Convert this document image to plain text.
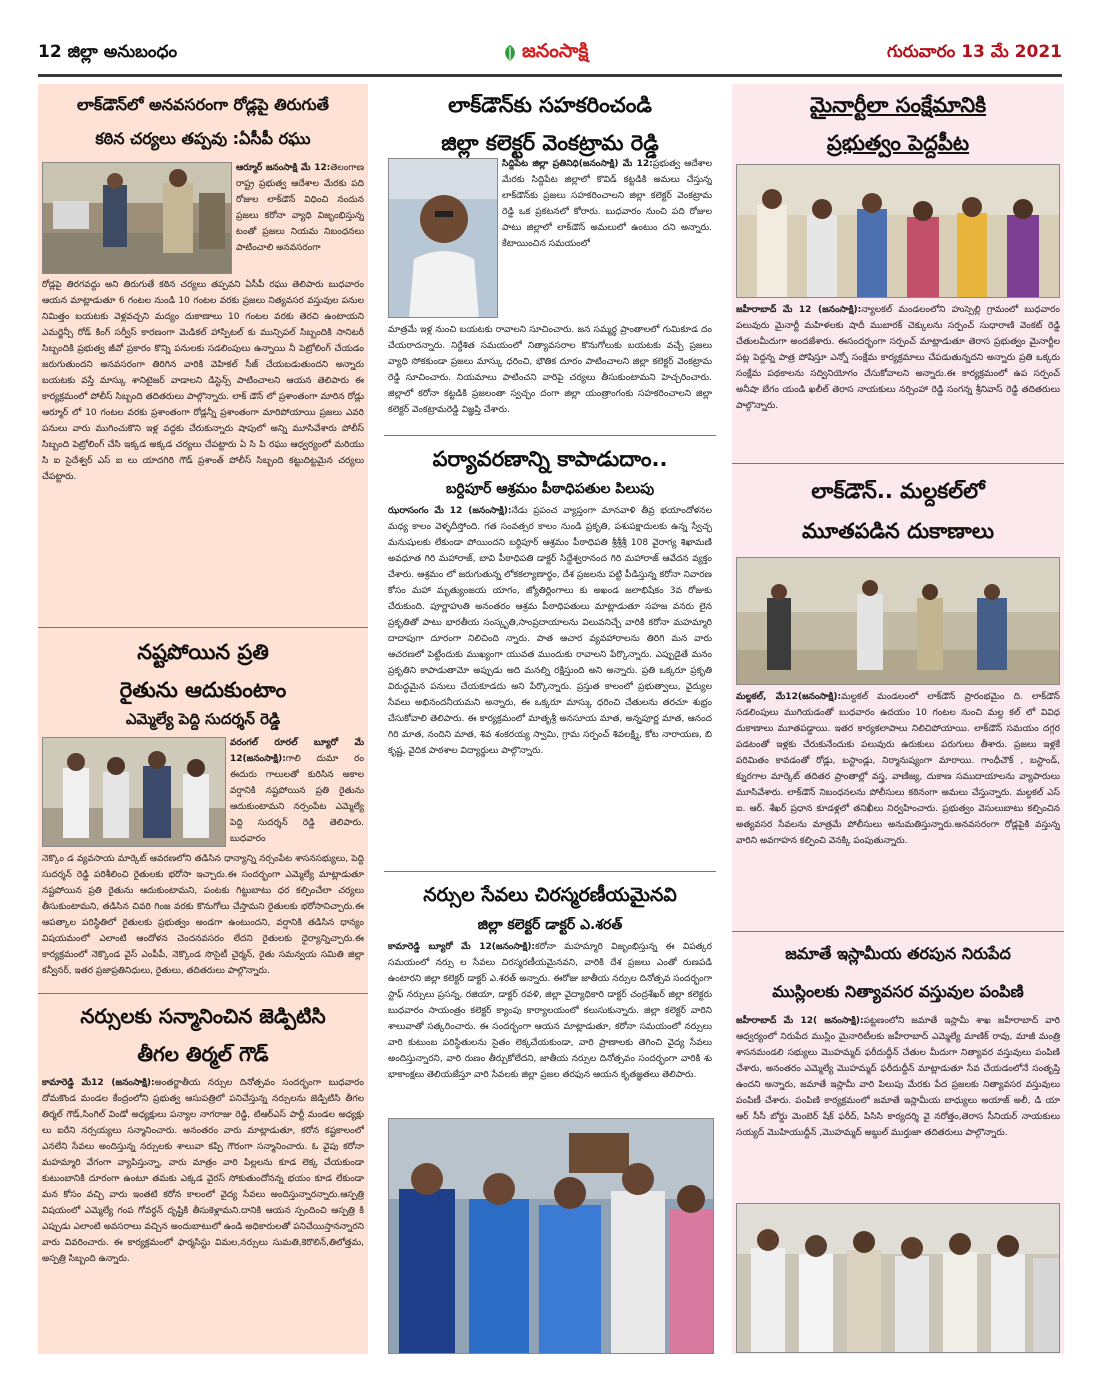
12 జిల్లా అనుబంధం	జనంసాక్షి	గురువారం 13 మే 2021
లాక్‌డౌన్‌లో అనవసరంగా రోడ్లపై తిరుగుతే
కఠిన చర్యలు తప్పవు :ఏసీపీ రఘు
ఆర్మూర్ జనంసాక్షి మే 12:తెలంగాణ రాష్ట్ర ప్రభుత్వ ఆదేశాల మేరకు పది రోజుల లాక్‌డౌన్ విధించి నందున ప్రజలు కరోనా వ్యాధి విజృంభిస్తున్న టంతో ప్రజలు నియమ నిబంధనలు పాటించాలి అనవసరంగా
రోడ్లపై తిరగవద్దు అని తిరుగుతే కఠిన చర్యలు తప్పవని ఏసీపీ రఘు తెలిపారు బుధవారం ఆయన మాట్లాడుతూ 6 గంటల నుండి 10 గంటల వరకు ప్రజలు నిత్యవసర వస్తువుల పనుల నిమిత్తం బయటకు వెళ్లవచ్చని మద్యం దుకాణాలు 10 గంటల వరకు తెరచి ఉంటాయని ఎమర్జెన్సీ రోడ్ కింగ్ సర్వీస్ కారణంగా మెడికల్ హాస్పిటల్ కు మున్సిపల్ సిబ్బందికి సానిటరీ సిబ్బందికి ప్రభుత్వ జీవో ప్రకారం కొన్ని పనులకు సడలింపులు ఉన్నాయి నీ పెట్రోలింగ్ చేయడం జరుగుతుందని అనవసరంగా తిరిగిన వారికి వెహికల్ సీజ్ చేయబడుతుందని అన్నారు బయటకు వస్తే మాస్కు శానిటైజర్ వాడాలని డిస్టెన్స్ పాటించాలని ఆయన తెలిపారు ఈ కార్యక్రమంలో పోలీస్ సిబ్బంది తదితరులు పాల్గొన్నారు. లాక్ డౌన్ లో ప్రశాంతంగా మారిన రోడ్లు ఆర్మూర్ లో 10 గంటల వరకు ప్రశాంతంగా రోడ్లన్నీ ప్రశాంతంగా మారిపోయాయి ప్రజలు ఎవరి పనులు వారు ముగించుకొని ఇళ్ల వద్దకు చేరుకున్నారు షాపులో అన్ని మూసివేశారు పోలీస్ సిబ్బంది పెట్రోలింగ్ చేసి ఇక్కడ అక్కడ చర్యలు చేపట్టారు ఏ సి పి రఘు ఆధ్వర్యంలో మరియు సి ఐ సైదేశ్వర్ ఎస్ ఐ లు యాదగిరి గౌడ్ ప్రశాంత్ పోలీస్ సిబ్బంది కట్టుదిట్టమైన చర్యలు చేపట్టారు.
నష్టపోయిన ప్రతి
రైతును ఆదుకుంటాం
ఎమ్మెల్యే పెద్ది సుదర్శన్ రెడ్డి
వరంగల్ రూరల్ బ్యూరో మే 12(జనంసాక్షి):గాలి దుమా రం ఈదురు గాలులతో కురిసిన అకాల వర్షానికి నష్టపోయిన ప్రతి రైతును ఆదుకుంటామని నర్సంపేట ఎమ్మెల్యే పెద్ది సుదర్శన్ రెడ్డి తెలిపారు. బుధవారం
నెక్కొం డ వ్యవసాయ మార్కెట్ ఆవరణలోని తడిసిన ధాన్యాన్ని నర్సంపేట శాసనసభ్యులు, పెద్ది సుదర్శన్ రెడ్డి పరిశీలించి రైతులకు భరోసా ఇచ్చారు.ఈ సందర్భంగా ఎమ్మెల్యే మాట్లాడుతూ నష్టపోయిన ప్రతి రైతును ఆదుకుంటామని, పంటకు గిట్టుబాటు ధర కల్పించేలా చర్యలు తీసుకుంటామని, తడిసిన చివరి గింజ వరకు కొనుగోలు చేస్తామని రైతులకు భరోసానిచ్చారు.ఈ ఆపత్కాల పరిస్థితిలో రైతులకు ప్రభుత్వం అండగా ఉంటుందని, వర్షానికి తడిసిన ధాన్యం విషయమంలో ఎలాంటి ఆందోళన చెందనవసరం లేదని రైతులకు ధైర్యాన్నిచ్చారు.ఈ కార్యక్రమంలో నెక్కొండ వైస్ ఎంపీపీ, నెక్కొండ సొసైటీ చైర్మన్, రైతు సమన్వయ సమితి జిల్లా కన్వీనర్, ఇతర ప్రజాప్రతినిధులు, రైతులు, తదితరులు పాల్గొన్నారు.
నర్సులకు సన్మానించిన జెడ్పిటిసి
తీగల తిర్మల్ గౌడ్
కామారెడ్డి మే12 (జనంసాక్షి):అంతర్జాతీయ నర్సుల దినోత్సవం సందర్భంగా బుధవారం దోమకొండ మండల కేంద్రంలోని ప్రభుత్వ ఆసుపత్రిలో పనిచేస్తున్న నర్సులను జెడ్పిటిసి తీగల తిర్మల్ గౌడ్,సింగిల్ విండో అధ్యక్షులు పన్యాల నాగరాజు రెడ్డి, టిఆర్ఎస్ పార్టీ మండల అధ్యక్షు లు ఐరేని నర్సయ్యలు సన్మానించారు. అనంతరం వారు మాట్లాడుతూ, కరోన కష్టకాలంలో ఎనలేని సేవలు అందిస్తున్న నర్సులకు శాలువా కప్పి గౌరంగా సన్మానించారు. ఓ వైపు కరోనా మహమ్మారి వేగంగా వ్యాపిస్తున్నా, వారు మాత్రం వారి పిల్లలను కూడ లెక్క చేయకుండా కుటుంబానికి దూరంగా ఉంటూ తమకు ఎక్కడ వైరస్ సోకుతుందోనన్న భయం కూడ లేకుండా మన కోసం వచ్చి వారు ఇంతటి కరోన కాలంలో వైద్య సేవలు అందిస్తున్నారన్నారు.ఆస్పత్రి విషయంలో ఎమ్మెల్యే గంప గోవర్ధన్ దృష్టికి తీసుకెళ్లామని.దానికి ఆయన స్పందించి ఆస్పత్రి కి ఎప్పుడు ఎలాంటి అవసరాలు వచ్చిన అందుబాటులో ఉండి అధికారులతో పనిచేయిస్తానన్నారని వారు వివరించారు. ఈ కార్యక్రమంలో ఫార్మసిస్టు విమల,నర్సులు సుమతి,కెరొలిన్,తిలోత్తమ, అస్పత్రి సిబ్బంది ఉన్నారు.
లాక్‌డౌన్‌కు సహకరించండి
జిల్లా కలెక్టర్ వెంకట్రామ రెడ్డి
సిద్దిపేట జిల్లా ప్రతినిధి(జనంసాక్షి) మే 12:ప్రభుత్వ ఆదేశాల మేరకు సిద్దిపేట జిల్లాలో కొవిడ్ కట్టడికి అమలు చేస్తున్న లాక్‌డౌన్‌కు ప్రజలు సహకరించాలని జిల్లా కలెక్టర్ వెంకట్రామ రెడ్డి ఒక ప్రకటనలో కోరారు. బుధవారం నుంచి పది రోజుల పాటు జిల్లాలో లాక్‌డౌన్ అమలులో ఉంటుం దని అన్నారు. కేటాయించిన సమయంలో
మాత్రమే ఇళ్ల నుంచి బయటకు రావాలని సూచించారు. జన సమ్మర్థ ప్రాంతాలలో గుమికూడ దం చేయరాదన్నారు. నిర్దేశిత సమయంలో నిత్యావసరాల కొనుగోలుకు బయటకు వచ్చే ప్రజలు వ్యాధి సోకకుండా ప్రజలు మాస్కు ధరించి, భౌతిక దూరం పాటించాలని జిల్లా కలెక్టర్ వెంకట్రామ రెడ్డి సూచించారు. నియమాలు పాటించని వారిపై చర్యలు తీసుకుంటామని హెచ్చరించారు. జిల్లాలో కరోనా కట్టడికి ప్రజలంతా స్వచ్ఛం దంగా జిల్లా యంత్రాంగంకు సహకరించాలని జిల్లా కలెక్టర్ వెంకట్రామరెడ్డి విజ్ఞప్తి చేశారు.
పర్యావరణాన్ని కాపాడుదాం..
బర్దిపూర్ ఆశ్రమం పీఠాధిపతుల పిలుపు
ఝరాసంగం మే 12 (జనంసాక్షి):నేడు ప్రపంచ వ్యాప్తంగా మానవాళి తీవ్ర భయాందోళనల మధ్య కాలం వెళ్ళదీస్తోంది. గత సంవత్సర కాలం నుండి ప్రకృతి, పశుపక్షాదులకు ఉన్న స్వేచ్ఛ మనుషులకు లేకుండా పోయిందని బర్దిపూర్ ఆశ్రమం పీఠాధిపతి శ్రీశ్రీశ్రీ 108 వైరాగ్య శిఖామణి అవధూత గిరి మహారాజ్, బావి పీఠాధిపతి డాక్టర్ సిద్దేశ్వరానంద గిరి మహారాజ్ ఆవేదన వ్యక్తం చేశారు. ఆశ్రమం లో జరుగుతున్న లోకకల్యాణార్థం, దేశ ప్రజలను పట్టి పీడిస్తున్న కరోనా నివారణ కోసం మహా మృత్యుంజయ యాగం, జ్యోతిర్లింగాలు కు అఖండ జలాభిషేకం 3వ రోజుకు చేరుకుంది. పూర్ణాహుతి అనంతరం ఆశ్రమ పీఠాధిపతులు మాట్లాడుతూ సహజ వనరు లైన ప్రకృతితో పాటు భారతీయ సంస్కృతి,సాంప్రదాయాలను విలువనిచ్చే వారికి కరోనా మహమ్మారి దాదాపుగా దూరంగా నిలిచింది న్నారు. పాత ఆచార వ్యవహారాలను తిరిగి మన వారు ఆచరణలో పెట్టేందుకు ముఖ్యంగా యువత ముందుకు రావాలని పేర్కొన్నారు. ఎప్పుడైతే మనం ప్రకృతిని కాపాడుతామో అప్పుడు అది మనల్ని రక్షిస్తుంది అని అన్నారు. ప్రతి ఒక్కరూ ప్రకృతి విరుద్ధమైన పనులు చేయకూడదు అని పేర్కొన్నారు. ప్రస్తుత కాలంలో ప్రభుత్వాలు, వైద్యుల సేవలు అభినందనీయమని అన్నారు, ఈ ఒక్కరూ మాస్కు ధరించి చేతులను తరచూ శుభ్రం చేసుకోవాలి తెలిపారు. ఈ కార్యక్రమంలో మాతృశ్రీ అనసూయ మాత, అన్నపూర్ణ మాత, ఆనంద గిరి మాత, నందిని మాత, శివ శంకరయ్య స్వామి, గ్రామ సర్పంచ్ శివలక్ష్మి, కోట నారాయణ, బి కృష్ణ, వైదిక పాఠశాల విద్యార్థులు పాల్గొన్నారు.
నర్సుల సేవలు చిరస్మరణీయమైనవి
జిల్లా కలెక్టర్ డాక్టర్ ఎ.శరత్
కామారెడ్డి బ్యూరో మే 12(జనంసాక్షి):కరోనా మహమ్మారి విజృంభిస్తున్న ఈ విపత్కర సమయంలో నర్సు ల సేవలు చిరస్మరణీయమైనవని, వారికి దేశ ప్రజలు ఎంతో రుణపడి ఉంటారని జిల్లా కలెక్టర్ డాక్టర్ ఎ.శరత్ అన్నారు. ఈరోజు జాతీయ నర్సుల దినోత్సవ సందర్భంగా స్టాఫ్ నర్సులు ప్రసన్న, రజియా, డాక్టర్ రవళి, జిల్లా వైద్యాధికారి డాక్టర్ చంద్రశేఖర్ జిల్లా కలెక్టరు బుధవారం సాయంత్రం కలెక్టర్ క్యాంపు కార్యాలయంలో కలుసుకున్నారు. జిల్లా కలెక్టర్ వారిని శాలువాతో సత్కరించారు. ఈ సందర్భంగా ఆయన మాట్లాడుతూ, కరోనా సమయంలో నర్సులు వారి కుటుంబ పరిస్థితులను సైతం లెక్కచేయకుండా, వారి ప్రాణాలకు తెగించి వైద్య సేవలు అందిస్తున్నారని, వారి రుణం తీర్చుకోలేదని, జాతీయ నర్సుల దినోత్సవం సందర్భంగా వారికి శు భాకాంక్షలు తెలియజేస్తూ వారి సేవలకు జిల్లా ప్రజల తరఫున ఆయన కృతజ్ఞతలు తెలిపారు.
మైనార్టీలా సంక్షేమానికి
ప్రభుత్వం పెద్దపీట
జహీరాబాద్ మే 12 (జనంసాక్షి):న్యాలకల్ మండలంలోని హుస్సెల్లి గ్రామంలో బుధవారం పలువురు మైనార్టీ మహిళలకు షాదీ ముబారక్ చెక్కులను సర్పంచ్ సుధారాణి వెంకట్ రెడ్డి చేతులమీదుగా అందజేశారు. ఈసందర్భంగా సర్పంచ్ మాట్లాడుతూ తెరాస ప్రభుత్వం మైనార్టీల పట్ల పెద్దన్న పాత్ర పోషిస్తూ ఎన్నో సంక్షేమ కార్యక్రమాలు చేపడుతున్నదని అన్నారు ప్రతి ఒక్కరు సంక్షేమ పథకాలను సద్వినియోగం చేసుకోవాలని అన్నారు.ఈ కార్యక్రమంలో ఉప సర్పంచ్ అనీషా బేగం యండి ఖలీల్ తెరాస నాయకులు నర్సింహా రెడ్డి సంగన్న శ్రీనివాస్ రెడ్డి తదితరులు పాల్గొన్నారు.
లాక్‌డౌన్.. మల్దకల్‌లో
మూతపడిన దుకాణాలు
మల్దకల్, మే12(జనంసాక్షి):మల్దకల్ మండలంలో లాక్‌డౌన్ ప్రారంభమైం ది. లాక్‌డౌన్ సడలింపులు ముగియడంతో బుధవారం ఉదయం 10 గంటల నుంచి మల్ద కల్ లో వివిధ దుకాణాలు మూతపడ్డాయి. ఇతర కార్యకలాపాలు నిలిచిపోయాయి. లాక్‌డౌన్ సమయం దగ్గర పడటంతో ఇళ్లకు చేరుకునేందుకు పలువురు ఉరుకులు పరుగులు తీశారు. ప్రజలు ఇళ్లకే పరిమితం కావడంతో రోడ్లు, బస్టాండ్లు, నిర్మానుష్యంగా మారాయి. గాంధీచౌక్ , బస్టాండ్, క్నురగాల మార్కెట్ తదితర ప్రాంతాల్లో వస్త్ర, వాణిజ్య, దుకాణ సముదాయాలను వ్యాపారులు మూసివేశారు. లాక్‌డౌన్ నిబంధనలను పోలీసులు కఠినంగా అమలు చేస్తున్నారు. మల్దకల్ ఎస్ ఐ. ఆర్. శేఖర్ ప్రధాన కూడళ్లలో తనిఖీలు నిర్వహించారు. ప్రభుత్వం వెసులుబాటు కల్పించిన అత్యవసర సేవలను మాత్రమే పోలీసులు అనుమతిస్తున్నారు.అనవసరంగా రోడ్లపైకి వస్తున్న వారిని అవగాహన కల్పించి వెనక్కి పంపుతున్నారు.
జమాతే ఇస్లామీయ తరపున నిరుపేద
ముస్లింలకు నిత్యావసర వస్తువుల పంపిణి
జహీరాబాద్ మే 12( జనంసాక్షి):పట్టణంలోని జమాతే ఇస్లామీ శాఖ జహీరాబాద్ వారి ఆధ్వర్యంలో నిరుపేద ముస్లిం మైనారిటీలకు జహీరాబాద్ ఎమ్మెల్యే మాణిక్ రావు, మాజీ మంత్రి శాసనమండలి సభ్యులు మొహమ్మద్ ఫరీదుద్దీన్ చేతుల మీదుగా నిత్యావర వస్తువులు పంపిణి చేశారు, అనంతరం ఎమ్మెల్యే మొహమ్మద్ ఫరీదుద్దీన్ మాట్లాడుతూ సేవ చేయడంలోనే సంతృప్తి ఉందని అన్నారు, జమాతే ఇస్లామీ వారి పిలుపు మేరకు పేద ప్రజలకు నిత్యావసర వస్తువులు పంపిణీ చేశారు. పంపిణి కార్యక్రమంలో జమాతే ఇస్లామీయ బాధ్యులు అయాజ్ అలీ, డి యా ఆర్ సీసీ బోర్డు మెంబెర్ షేక్ ఫరీద్, పిసిసి కార్యదర్శి వై నరోత్తం,తెరాస సీనియర్ నాయకులు సయ్యద్ మొహియుద్దీన్ ,మొహమ్మద్ అబ్దుల్ ముర్తుజా తదితరులు పాల్గొన్నారు.
